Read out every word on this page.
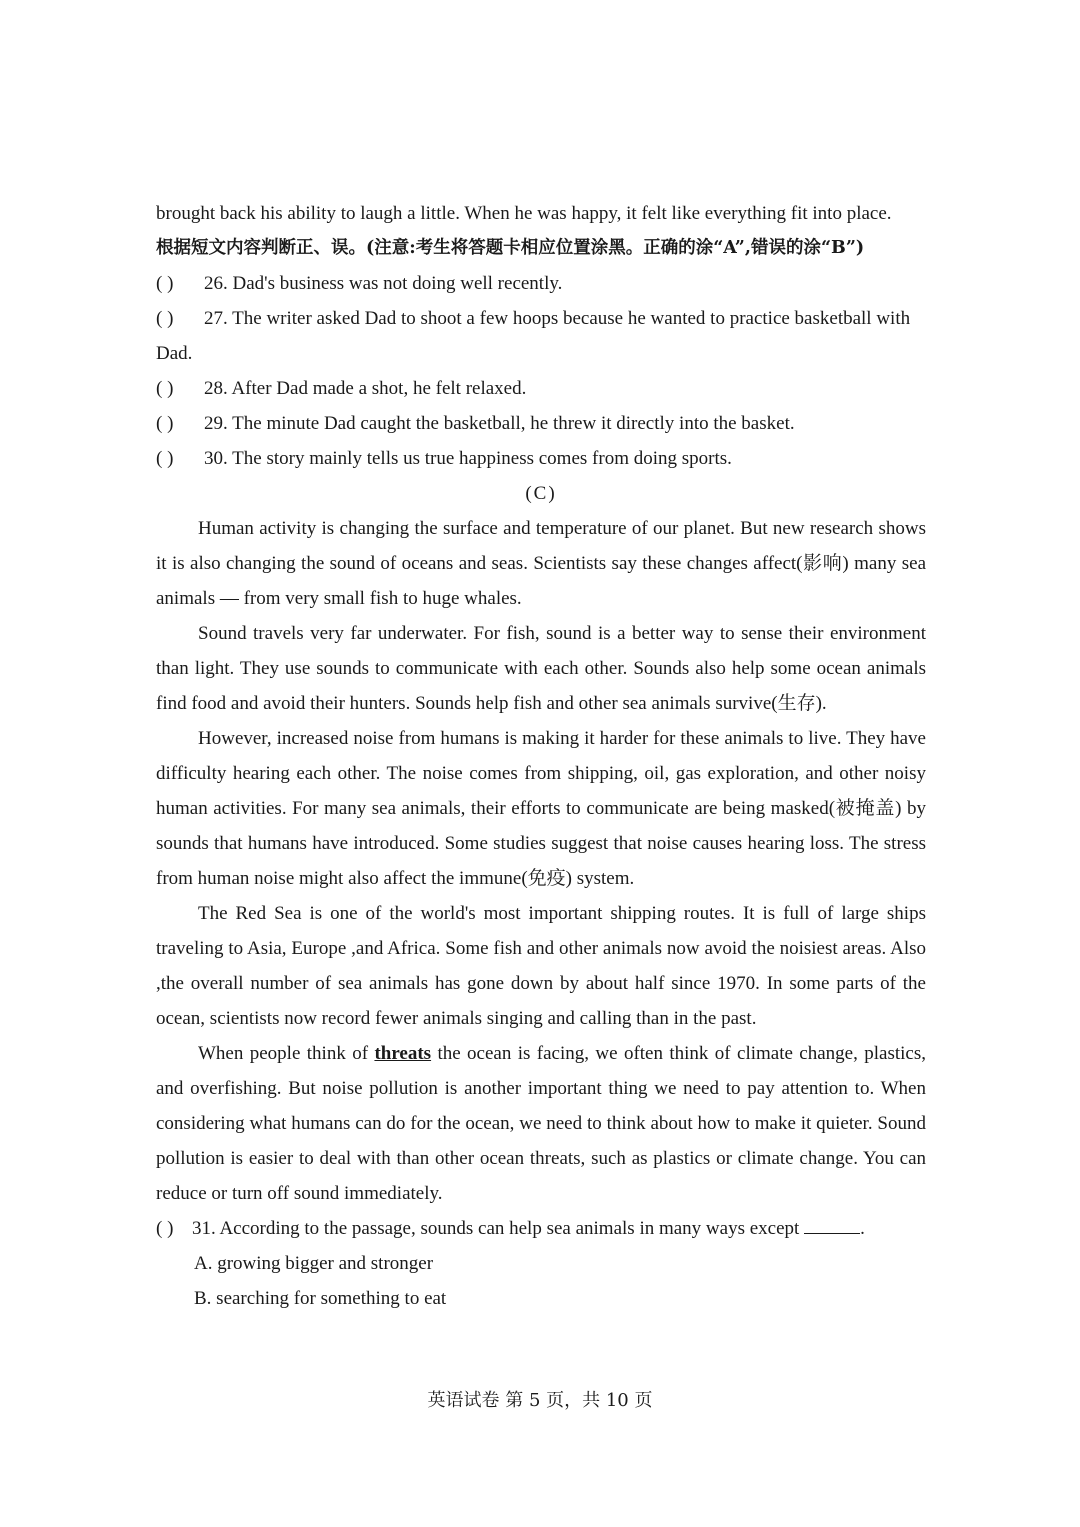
brought back his ability to laugh a little. When he was happy, it felt like everything fit into place.

根据短文内容判断正、误。(注意:考生将答题卡相应位置涂黑。正确的涂“A”,错误的涂“B”)

( ) 26. Dad's business was not doing well recently.

( ) 27. The writer asked Dad to shoot a few hoops because he wanted to practice basketball with Dad.

( ) 28. After Dad made a shot, he felt relaxed.

( ) 29. The minute Dad caught the basketball, he threw it directly into the basket.

( ) 30. The story mainly tells us true happiness comes from doing sports.

(C)

Human activity is changing the surface and temperature of our planet. But new research shows it is also changing the sound of oceans and seas. Scientists say these changes affect(影响) many sea animals — from very small fish to huge whales.

Sound travels very far underwater. For fish, sound is a better way to sense their environment than light. They use sounds to communicate with each other. Sounds also help some ocean animals find food and avoid their hunters. Sounds help fish and other sea animals survive(生存).

However, increased noise from humans is making it harder for these animals to live. They have difficulty hearing each other. The noise comes from shipping, oil, gas exploration, and other noisy human activities. For many sea animals, their efforts to communicate are being masked(被掩盖) by sounds that humans have introduced. Some studies suggest that noise causes hearing loss. The stress from human noise might also affect the immune(免疫) system.

The Red Sea is one of the world's most important shipping routes. It is full of large ships traveling to Asia, Europe ,and Africa. Some fish and other animals now avoid the noisiest areas. Also ,the overall number of sea animals has gone down by about half since 1970. In some parts of the ocean, scientists now record fewer animals singing and calling than in the past.

When people think of threats the ocean is facing, we often think of climate change, plastics, and overfishing. But noise pollution is another important thing we need to pay attention to. When considering what humans can do for the ocean, we need to think about how to make it quieter. Sound pollution is easier to deal with than other ocean threats, such as plastics or climate change. You can reduce or turn off sound immediately.

( ) 31. According to the passage, sounds can help sea animals in many ways except	.

A. growing bigger and stronger

B. searching for something to eat

英语试卷 第 5 页，共 10 页
